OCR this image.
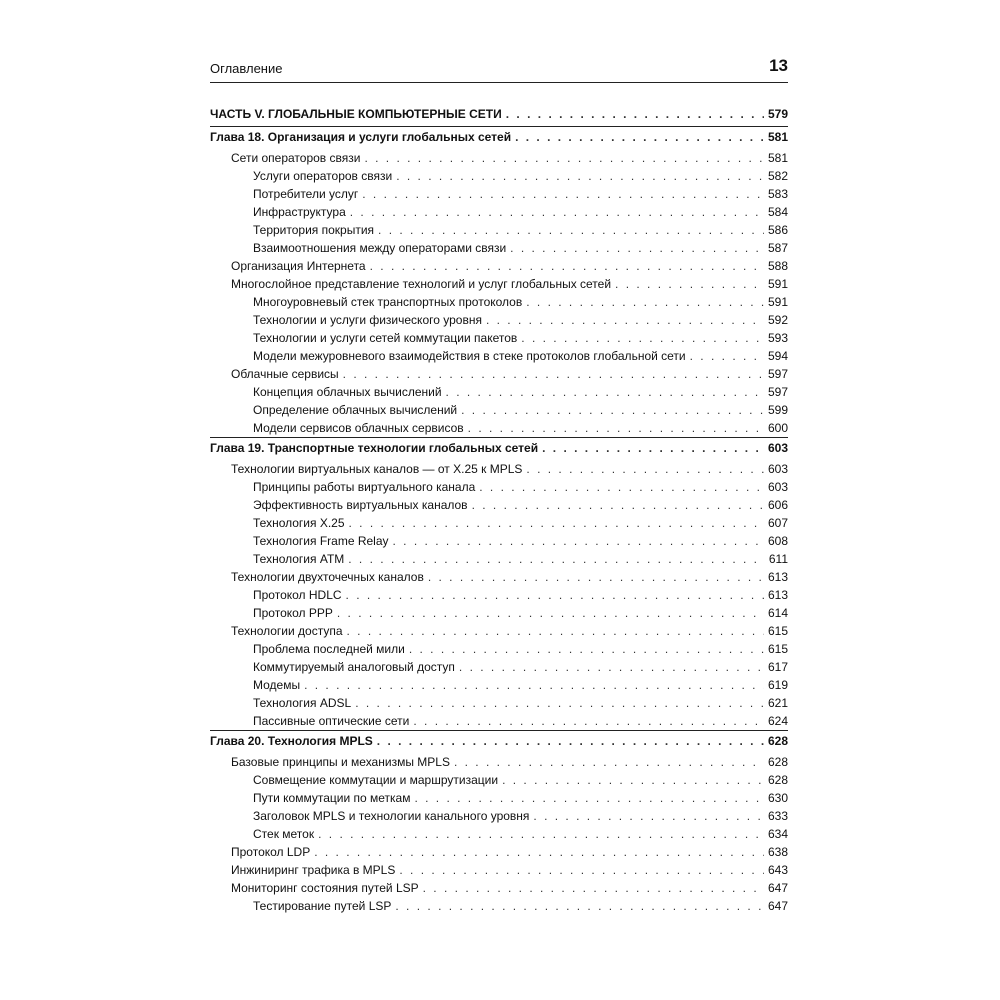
Оглавление	13
ЧАСТЬ V. ГЛОБАЛЬНЫЕ КОМПЬЮТЕРНЫЕ СЕТИ . . .	579
Глава 18. Организация и услуги глобальных сетей . . .	581
Сети операторов связи . . .	581
Услуги операторов связи . . .	582
Потребители услуг . . .	583
Инфраструктура . . .	584
Территория покрытия . . .	586
Взаимоотношения между операторами связи . . .	587
Организация Интернета . . .	588
Многослойное представление технологий и услуг глобальных сетей . . .	591
Многоуровневый стек транспортных протоколов . . .	591
Технологии и услуги физического уровня . . .	592
Технологии и услуги сетей коммутации пакетов . . .	593
Модели межуровневого взаимодействия в стеке протоколов глобальной сети . . .	594
Облачные сервисы . . .	597
Концепция облачных вычислений . . .	597
Определение облачных вычислений . . .	599
Модели сервисов облачных сервисов . . .	600
Глава 19. Транспортные технологии глобальных сетей . . .	603
Технологии виртуальных каналов — от X.25 к MPLS . . .	603
Принципы работы виртуального канала . . .	603
Эффективность виртуальных каналов . . .	606
Технология X.25 . . .	607
Технология Frame Relay . . .	608
Технология ATM . . .	611
Технологии двухточечных каналов . . .	613
Протокол HDLC . . .	613
Протокол PPP . . .	614
Технологии доступа . . .	615
Проблема последней мили . . .	615
Коммутируемый аналоговый доступ . . .	617
Модемы . . .	619
Технология ADSL . . .	621
Пассивные оптические сети . . .	624
Глава 20. Технология MPLS . . .	628
Базовые принципы и механизмы MPLS . . .	628
Совмещение коммутации и маршрутизации . . .	628
Пути коммутации по меткам . . .	630
Заголовок MPLS и технологии канального уровня . . .	633
Стек меток . . .	634
Протокол LDP . . .	638
Инжиниринг трафика в MPLS . . .	643
Мониторинг состояния путей LSP . . .	647
Тестирование путей LSP . . .	647
